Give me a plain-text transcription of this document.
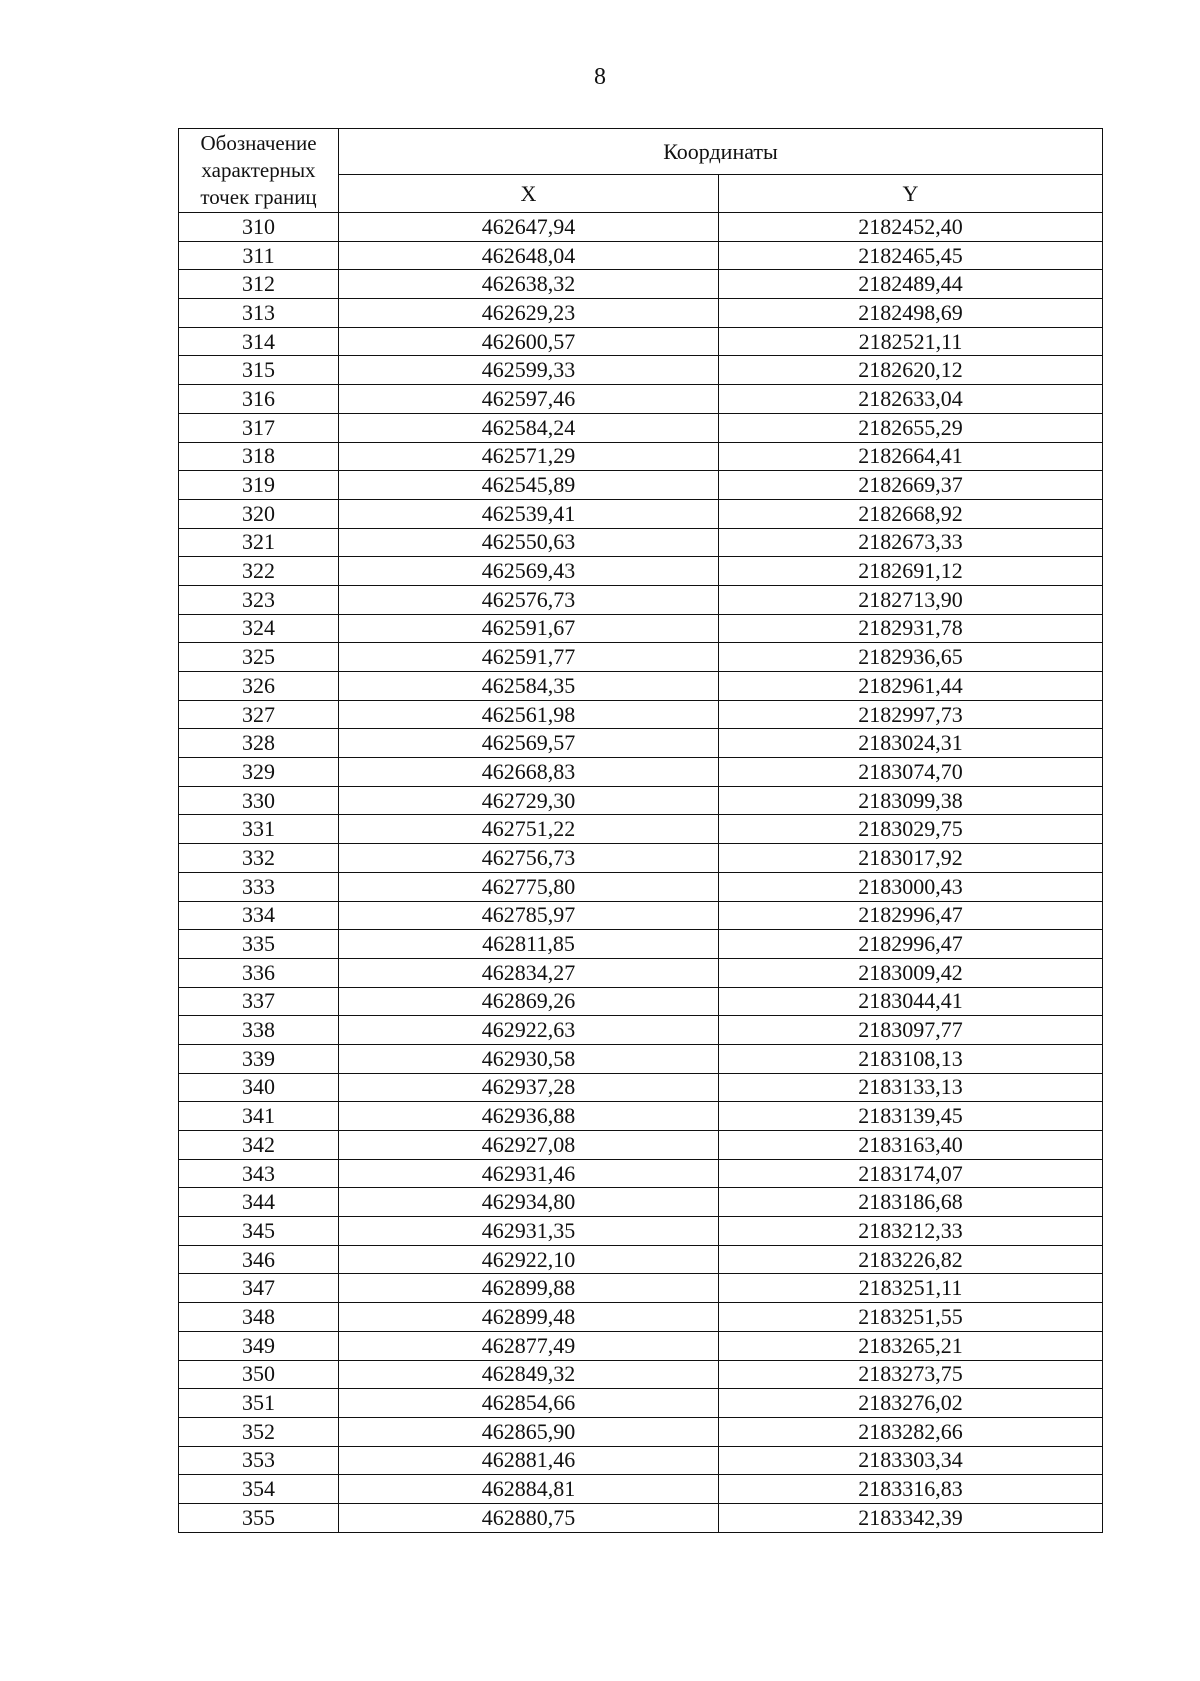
8
Обозначение характерных точек границ	Координаты	
	X	Y
310	462647,94	2182452,40
311	462648,04	2182465,45
312	462638,32	2182489,44
313	462629,23	2182498,69
314	462600,57	2182521,11
315	462599,33	2182620,12
316	462597,46	2182633,04
317	462584,24	2182655,29
318	462571,29	2182664,41
319	462545,89	2182669,37
320	462539,41	2182668,92
321	462550,63	2182673,33
322	462569,43	2182691,12
323	462576,73	2182713,90
324	462591,67	2182931,78
325	462591,77	2182936,65
326	462584,35	2182961,44
327	462561,98	2182997,73
328	462569,57	2183024,31
329	462668,83	2183074,70
330	462729,30	2183099,38
331	462751,22	2183029,75
332	462756,73	2183017,92
333	462775,80	2183000,43
334	462785,97	2182996,47
335	462811,85	2182996,47
336	462834,27	2183009,42
337	462869,26	2183044,41
338	462922,63	2183097,77
339	462930,58	2183108,13
340	462937,28	2183133,13
341	462936,88	2183139,45
342	462927,08	2183163,40
343	462931,46	2183174,07
344	462934,80	2183186,68
345	462931,35	2183212,33
346	462922,10	2183226,82
347	462899,88	2183251,11
348	462899,48	2183251,55
349	462877,49	2183265,21
350	462849,32	2183273,75
351	462854,66	2183276,02
352	462865,90	2183282,66
353	462881,46	2183303,34
354	462884,81	2183316,83
355	462880,75	2183342,39
